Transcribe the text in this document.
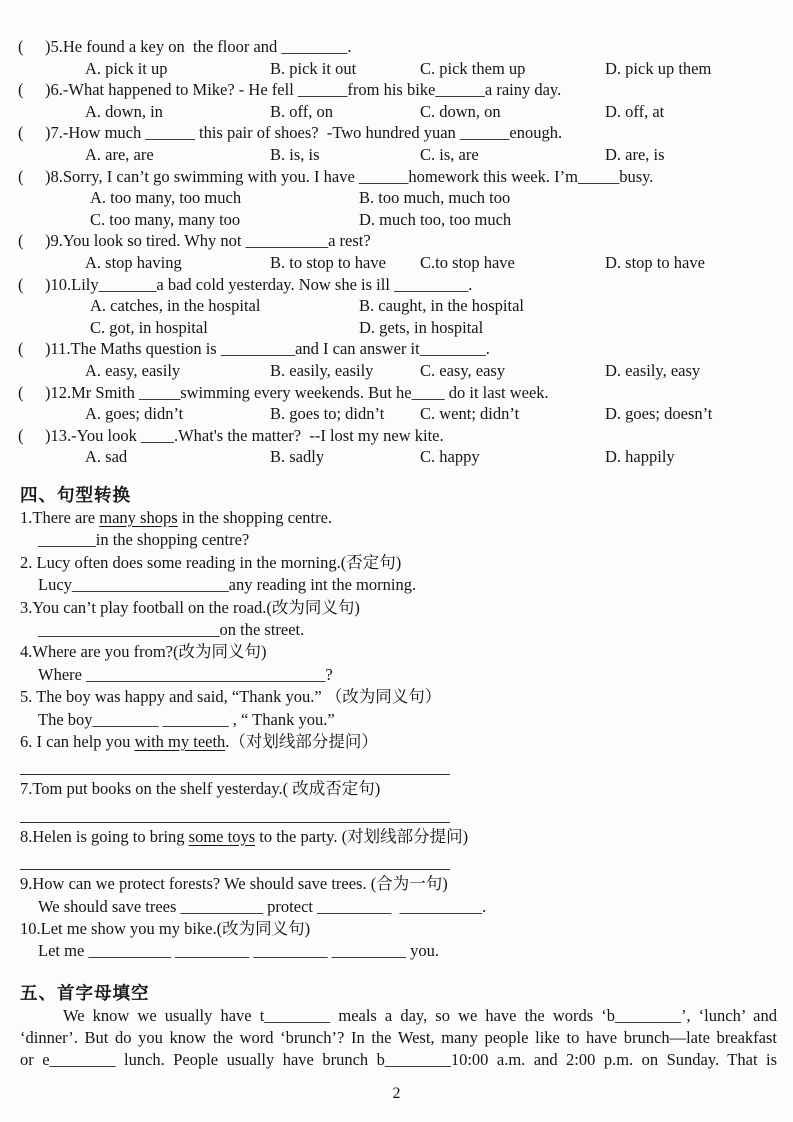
(	)5.He found a key on  the floor and ________.
A. pick it up	B. pick it out	C. pick them up	D. pick up them
(	)6.-What happened to Mike? - He fell ______from his bike______a rainy day.
A. down, in	B. off, on	C. down, on	D. off, at
(	)7.-How much ______ this pair of shoes?  -Two hundred yuan ______enough.
A. are, are	B. is, is	C. is, are	D. are, is
(	)8.Sorry, I can’t go swimming with you. I have ______homework this week. I’m_____busy.
A. too many, too much	B. too much, much too
C. too many, many too	D. much too, too much
(	)9.You look so tired. Why not __________a rest?
A. stop having	B. to stop to have	C.to stop have	D. stop to have
(	)10.Lily_______a bad cold yesterday. Now she is ill _________.
A. catches, in the hospital	B. caught, in the hospital
C. got, in hospital	D. gets, in hospital
(	)11.The Maths question is _________and I can answer it________.
A. easy, easily	B. easily, easily	C. easy, easy	D. easily, easy
(	)12.Mr Smith _____swimming every weekends. But he____ do it last week.
A. goes; didn’t	B. goes to; didn’t	C. went; didn’t	D. goes; doesn’t
(	)13.-You look ____.What's the matter?  --I lost my new kite.
A. sad	B. sadly	C. happy	D. happily
四、句型转换
1.There are many shops in the shopping centre.
_______in the shopping centre?
2. Lucy often does some reading in the morning.(否定句)
Lucy___________________any reading int the morning.
3.You can’t play football on the road.(改为同义句)
______________________on the street.
4.Where are you from?(改为同义句)
Where _____________________________?
5. The boy was happy and said, “Thank you.” （改为同义句）
The boy________ ________ , “ Thank you.”
6. I can help you with my teeth.（对划线部分提问）
7.Tom put books on the shelf yesterday.( 改成否定句)
8.Helen is going to bring some toys to the party. (对划线部分提问)
9.How can we protect forests? We should save trees. (合为一句)
We should save trees __________ protect _________  __________.
10.Let me show you my bike.(改为同义句)
Let me __________ _________ _________ _________ you.
五、首字母填空
We know we usually have t________ meals a day, so we have the words ‘b________’, ‘lunch’ and
‘dinner’. But do you know the word ‘brunch’? In the West, many people like to have brunch—late breakfast
or e________ lunch. People usually have brunch b________10:00 a.m. and 2:00 p.m. on Sunday. That is
2
